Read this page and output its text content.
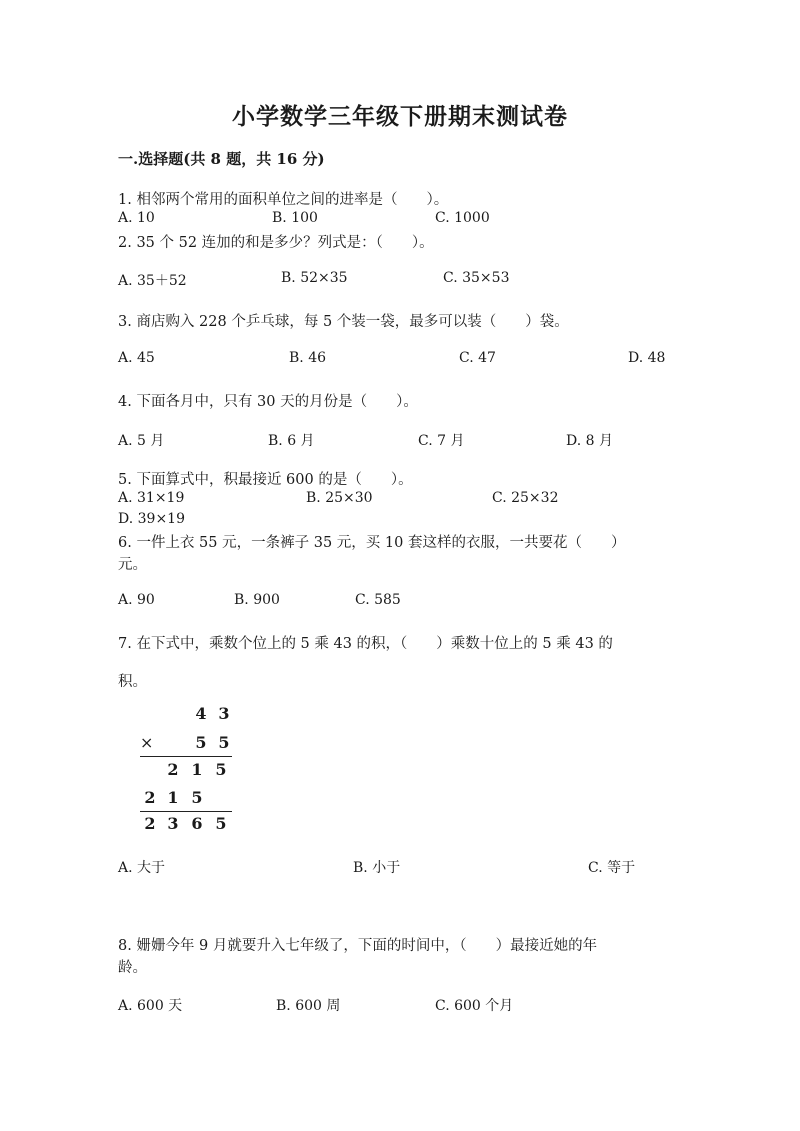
小学数学三年级下册期末测试卷
一.选择题(共 8 题，共 16 分)
1. 相邻两个常用的面积单位之间的进率是（　　）。
A. 10	B. 100	C. 1000
2. 35 个 52 连加的和是多少？列式是：（　　）。
A. 35＋52	B. 52×35	C. 35×53
3. 商店购入 228 个乒乓球，每 5 个装一袋，最多可以装（　　）袋。
A. 45	B. 46	C. 47	D. 48
4. 下面各月中，只有 30 天的月份是（　　）。
A. 5 月	B. 6 月	C. 7 月	D. 8 月
5. 下面算式中，积最接近 600 的是（　　）。
A. 31×19	B. 25×30	C. 25×32
D. 39×19
6. 一件上衣 55 元，一条裤子 35 元，买 10 套这样的衣服，一共要花（　　）
元。
A. 90	B. 900	C. 585
7. 在下式中，乘数个位上的 5 乘 43 的积，（　　）乘数十位上的 5 乘 43 的
积。
4 3
×	5 5
2 1 5
2 1 5
2 3 6 5
A. 大于	B. 小于	C. 等于
8. 姗姗今年 9 月就要升入七年级了，下面的时间中，（　　）最接近她的年
龄。
A. 600 天	B. 600 周	C. 600 个月
